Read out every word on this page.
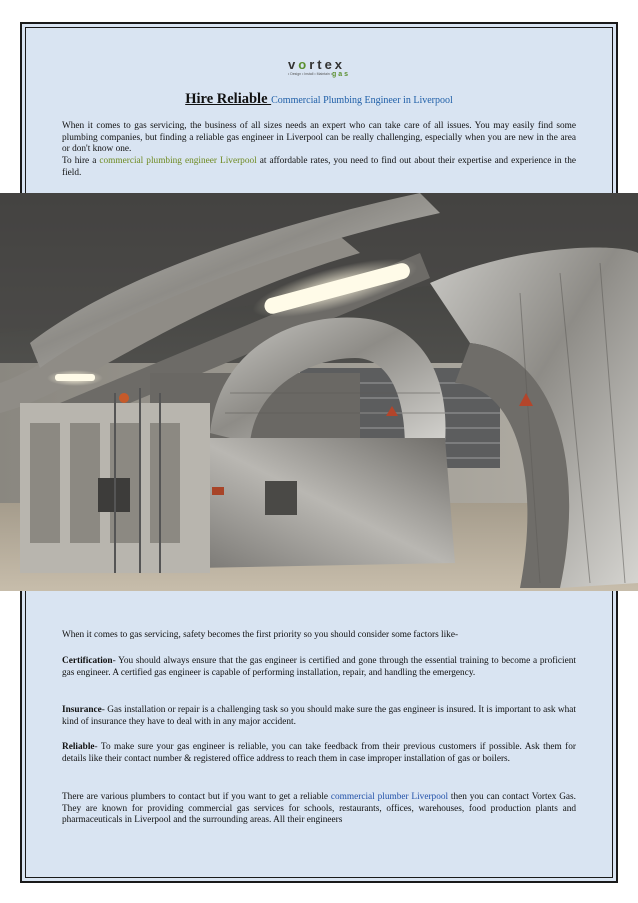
vortex
• Design • Install • Maintain • gas
Hire Reliable Commercial Plumbing Engineer in Liverpool

When it comes to gas servicing, the business of all sizes needs an expert who can take care of all issues. You may easily find some plumbing companies, but finding a reliable gas engineer in Liverpool can be really challenging, especially when you are new in the area or don't know one.

To hire a commercial plumbing engineer Liverpool at affordable rates, you need to find out about their expertise and experience in the field.

When it comes to gas servicing, safety becomes the first priority so you should consider some factors like-

Certification- You should always ensure that the gas engineer is certified and gone through the essential training to become a proficient gas engineer. A certified gas engineer is capable of performing installation, repair, and handling the emergency.

Insurance- Gas installation or repair is a challenging task so you should make sure the gas engineer is insured. It is important to ask what kind of insurance they have to deal with in any major accident.

Reliable- To make sure your gas engineer is reliable, you can take feedback from their previous customers if possible. Ask them for details like their contact number & registered office address to reach them in case improper installation of gas or boilers.

There are various plumbers to contact but if you want to get a reliable commercial plumber Liverpool then you can contact Vortex Gas. They are known for providing commercial gas services for schools, restaurants, offices, warehouses, food production plants and pharmaceuticals in Liverpool and the surrounding areas. All their engineers
